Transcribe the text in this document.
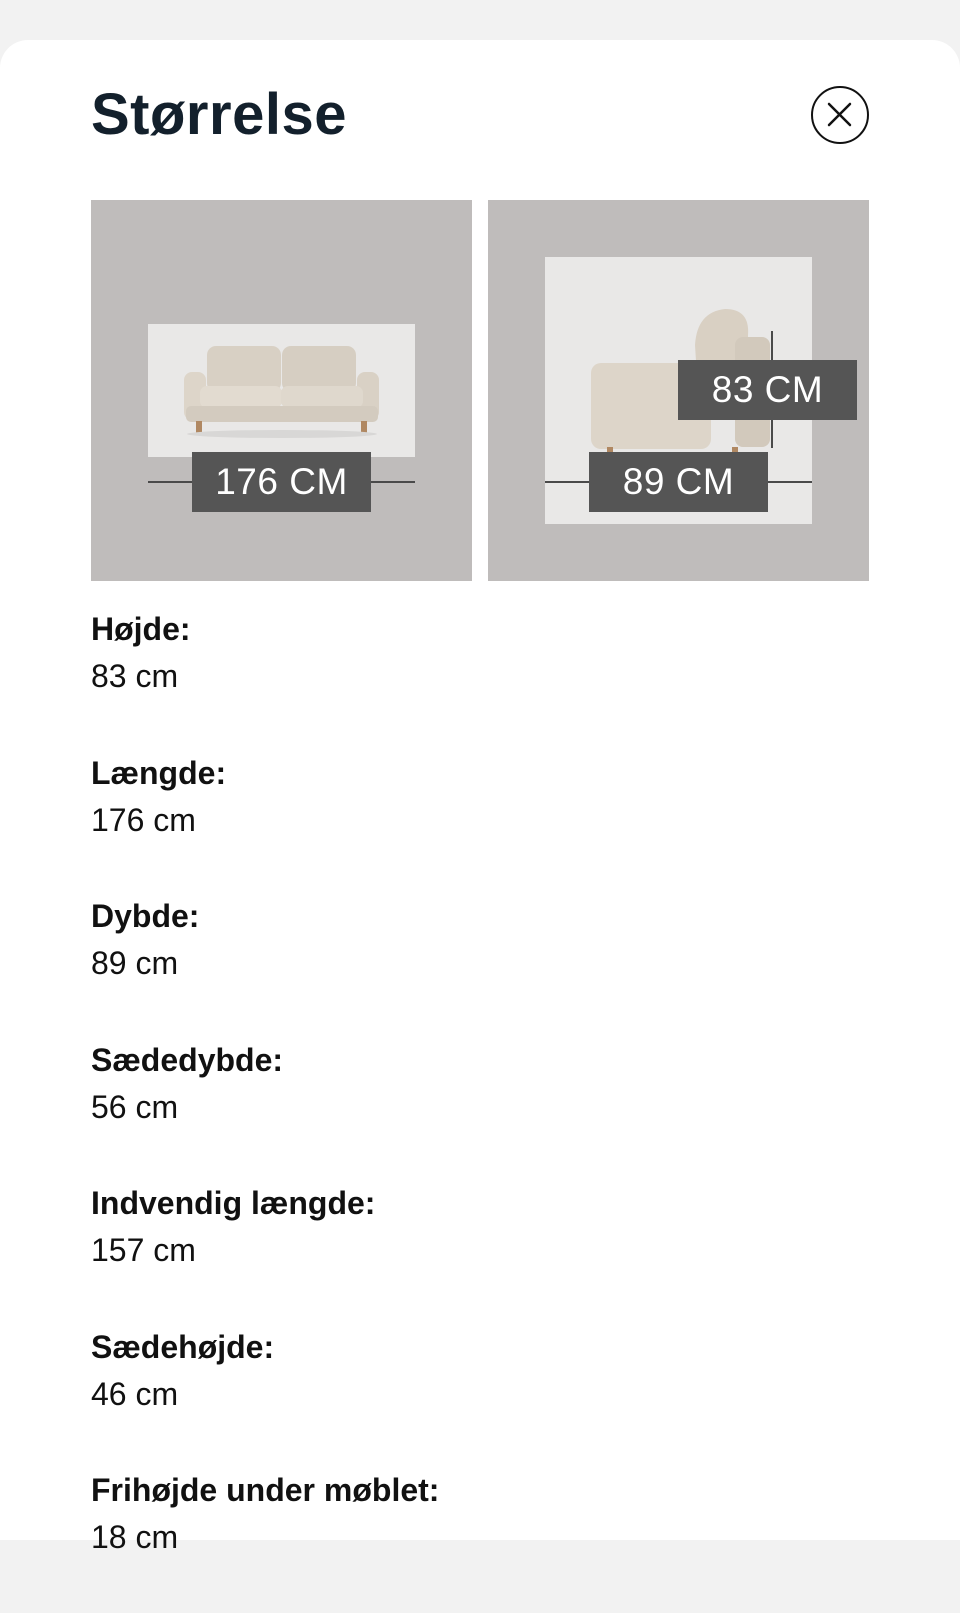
Størrelse
176 CM
83 CM
89 CM
Højde:
83 cm
Længde:
176 cm
Dybde:
89 cm
Sædedybde:
56 cm
Indvendig længde:
157 cm
Sædehøjde:
46 cm
Frihøjde under møblet:
18 cm
